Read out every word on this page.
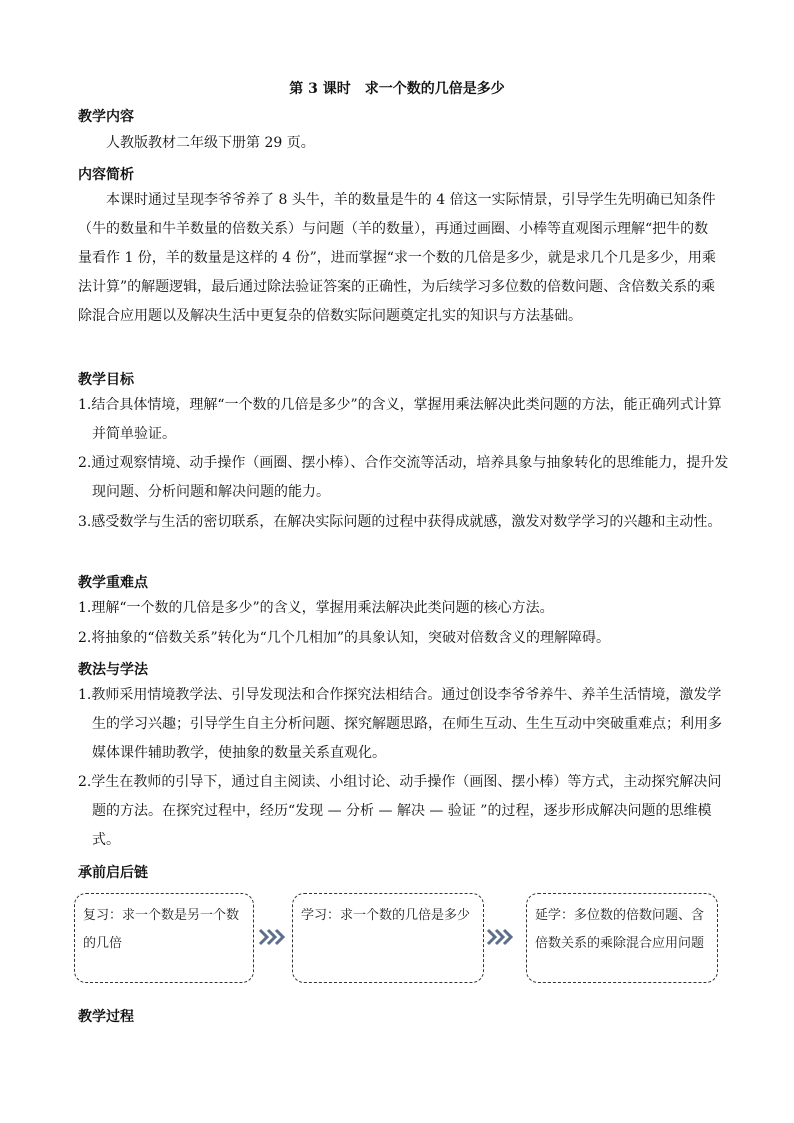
第 3 课时　求一个数的几倍是多少
教学内容
人教版教材二年级下册第 29 页。
内容简析
本课时通过呈现李爷爷养了 8 头牛，羊的数量是牛的 4 倍这一实际情景，引导学生先明确已知条件（牛的数量和牛羊数量的倍数关系）与问题（羊的数量），再通过画圈、小棒等直观图示理解“把牛的数量看作 1 份，羊的数量是这样的 4 份”，进而掌握“求一个数的几倍是多少，就是求几个几是多少，用乘法计算”的解题逻辑，最后通过除法验证答案的正确性，为后续学习多位数的倍数问题、含倍数关系的乘除混合应用题以及解决生活中更复杂的倍数实际问题奠定扎实的知识与方法基础。
教学目标
1.结合具体情境，理解“一个数的几倍是多少”的含义，掌握用乘法解决此类问题的方法，能正确列式计算并简单验证。
2.通过观察情境、动手操作（画圈、摆小棒）、合作交流等活动，培养具象与抽象转化的思维能力，提升发现问题、分析问题和解决问题的能力。
3.感受数学与生活的密切联系，在解决实际问题的过程中获得成就感，激发对数学学习的兴趣和主动性。
教学重难点
1.理解“一个数的几倍是多少”的含义，掌握用乘法解决此类问题的核心方法。
2.将抽象的“倍数关系”转化为“几个几相加”的具象认知，突破对倍数含义的理解障碍。
教法与学法
1.教师采用情境教学法、引导发现法和合作探究法相结合。通过创设李爷爷养牛、养羊生活情境，激发学生的学习兴趣；引导学生自主分析问题、探究解题思路，在师生互动、生生互动中突破重难点；利用多媒体课件辅助教学，使抽象的数量关系直观化。
2.学生在教师的引导下，通过自主阅读、小组讨论、动手操作（画图、摆小棒）等方式，主动探究解决问题的方法。在探究过程中，经历“发现 — 分析 — 解决 — 验证 ”的过程，逐步形成解决问题的思维模式。
承前启后链
复习：求一个数是另一个数的几倍
学习：求一个数的几倍是多少	延学：多位数的倍数问题、含倍数关系的乘除混合应用问题
教学过程
